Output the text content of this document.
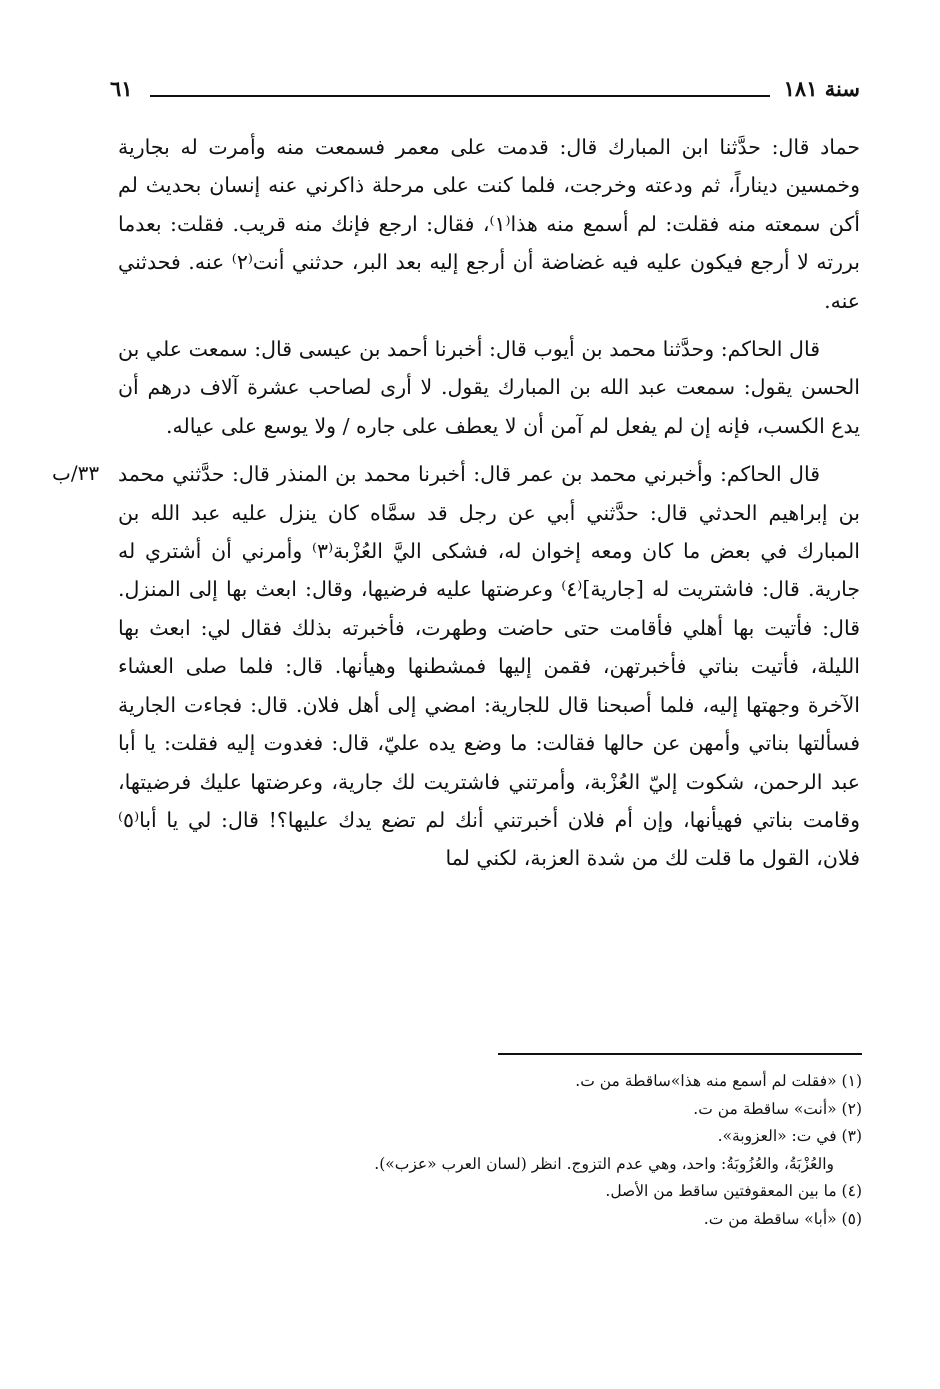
سنة ١٨١
٦١

حماد قال: حدَّثنا ابن المبارك قال: قدمت على معمر فسمعت منه وأمرت له بجارية وخمسين ديناراً، ثم ودعته وخرجت، فلما كنت على مرحلة ذاكرني عنه إنسان بحديث لم أكن سمعته منه فقلت: لم أسمع منه هذا⁽١⁾، فقال: ارجع فإنك منه قريب. فقلت: بعدما بررته لا أرجع فيكون عليه فيه غضاضة أن أرجع إليه بعد البر، حدثني أنت⁽٢⁾ عنه. فحدثني عنه.

قال الحاكم: وحدَّثنا محمد بن أيوب قال: أخبرنا أحمد بن عيسى قال: سمعت علي بن الحسن يقول: سمعت عبد الله بن المبارك يقول. لا أرى لصاحب عشرة آلاف درهم أن يدع الكسب، فإنه إن لم يفعل لم آمن أن لا يعطف على جاره / ولا يوسع على عياله.

قال الحاكم: وأخبرني محمد بن عمر قال: أخبرنا محمد بن المنذر قال: حدَّثني محمد بن إبراهيم الحدثي قال: حدَّثني أبي عن رجل قد سمَّاه كان ينزل عليه عبد الله بن المبارك في بعض ما كان ومعه إخوان له، فشكى اليَّ العُزْبة⁽٣⁾ وأمرني أن أشتري له جارية. قال: فاشتريت له [جارية]⁽٤⁾ وعرضتها عليه فرضيها، وقال: ابعث بها إلى المنزل. قال: فأتيت بها أهلي فأقامت حتى حاضت وطهرت، فأخبرته بذلك فقال لي: ابعث بها الليلة، فأتيت بناتي فأخبرتهن، فقمن إليها فمشطنها وهيأنها. قال: فلما صلى العشاء الآخرة وجهتها إليه، فلما أصبحنا قال للجارية: امضي إلى أهل فلان. قال: فجاءت الجارية فسألتها بناتي وأمهن عن حالها فقالت: ما وضع يده عليّ، قال: فغدوت إليه فقلت: يا أبا عبد الرحمن، شكوت إليّ العُزْبة، وأمرتني فاشتريت لك جارية، وعرضتها عليك فرضيتها، وقامت بناتي فهيأنها، وإن أم فلان أخبرتني أنك لم تضع يدك عليها؟! قال: لي يا أبا⁽٥⁾ فلان، القول ما قلت لك من شدة العزبة، لكني لما

٣٣/ب

(١) «فقلت لم أسمع منه هذا»ساقطة من ت.

(٢) «أنت» ساقطة من ت.

(٣) في ت: «العزوبة».

والعُزْبَةُ، والعُزُوبَةُ: واحد، وهي عدم التزوج. انظر (لسان العرب «عزب»).

(٤) ما بين المعقوفتين ساقط من الأصل.

(٥) «أبا» ساقطة من ت.
